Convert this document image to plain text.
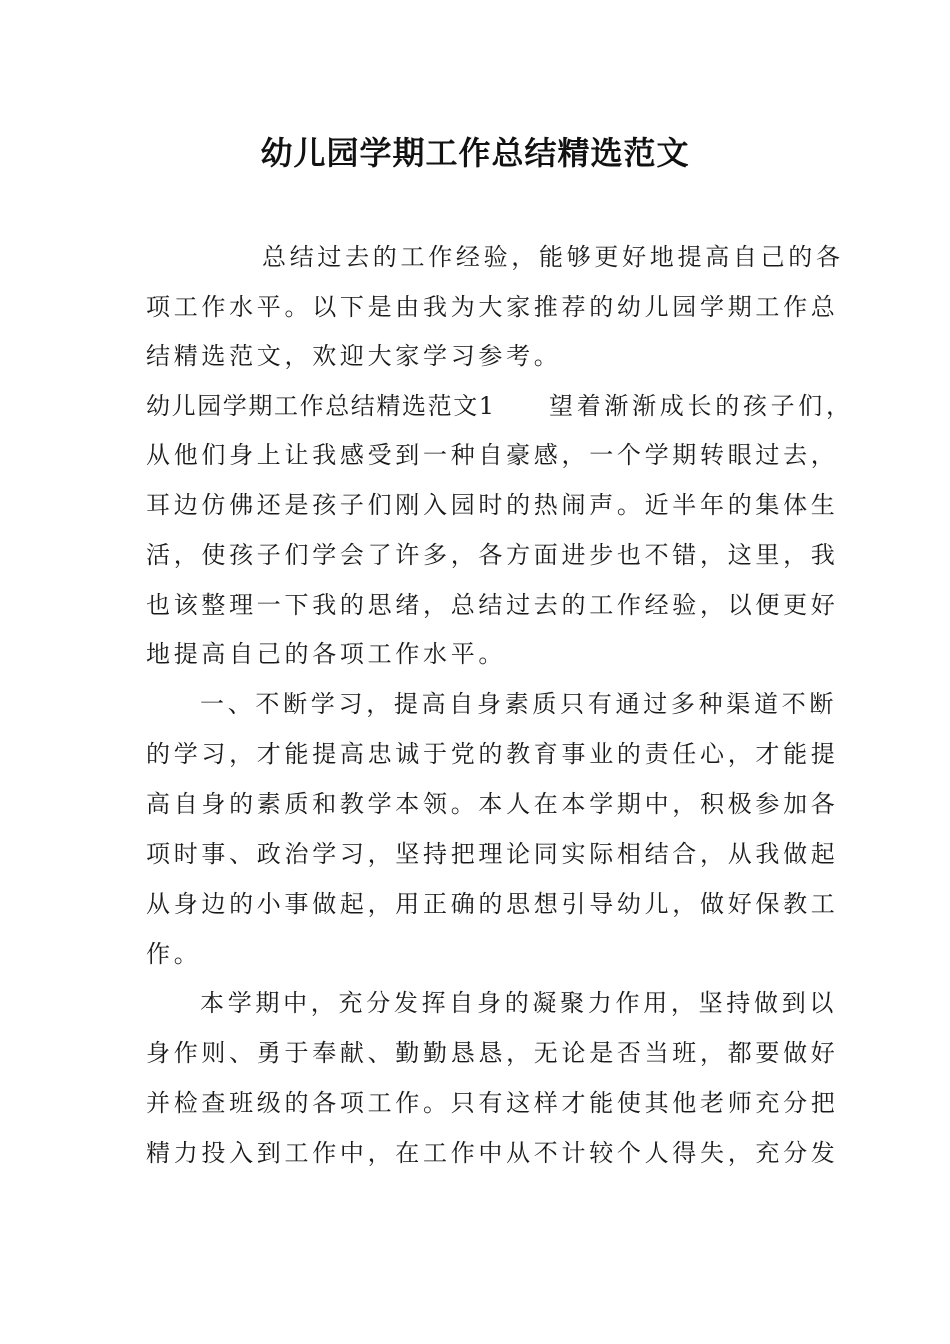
幼儿园学期工作总结精选范文

总结过去的工作经验，能够更好地提高自己的各

项工作水平。以下是由我为大家推荐的幼儿园学期工作总

结精选范文，欢迎大家学习参考。

幼儿园学期工作总结精选范文1 望着渐渐成长的孩子们，

从他们身上让我感受到一种自豪感，一个学期转眼过去，

耳边仿佛还是孩子们刚入园时的热闹声。近半年的集体生

活，使孩子们学会了许多，各方面进步也不错，这里，我

也该整理一下我的思绪，总结过去的工作经验，以便更好

地提高自己的各项工作水平。

一、不断学习，提高自身素质只有通过多种渠道不断

的学习，才能提高忠诚于党的教育事业的责任心，才能提

高自身的素质和教学本领。本人在本学期中，积极参加各

项时事、政治学习，坚持把理论同实际相结合，从我做起

从身边的小事做起，用正确的思想引导幼儿，做好保教工

作。

本学期中，充分发挥自身的凝聚力作用，坚持做到以

身作则、勇于奉献、勤勤恳恳，无论是否当班，都要做好

并检查班级的各项工作。只有这样才能使其他老师充分把

精力投入到工作中，在工作中从不计较个人得失，充分发
